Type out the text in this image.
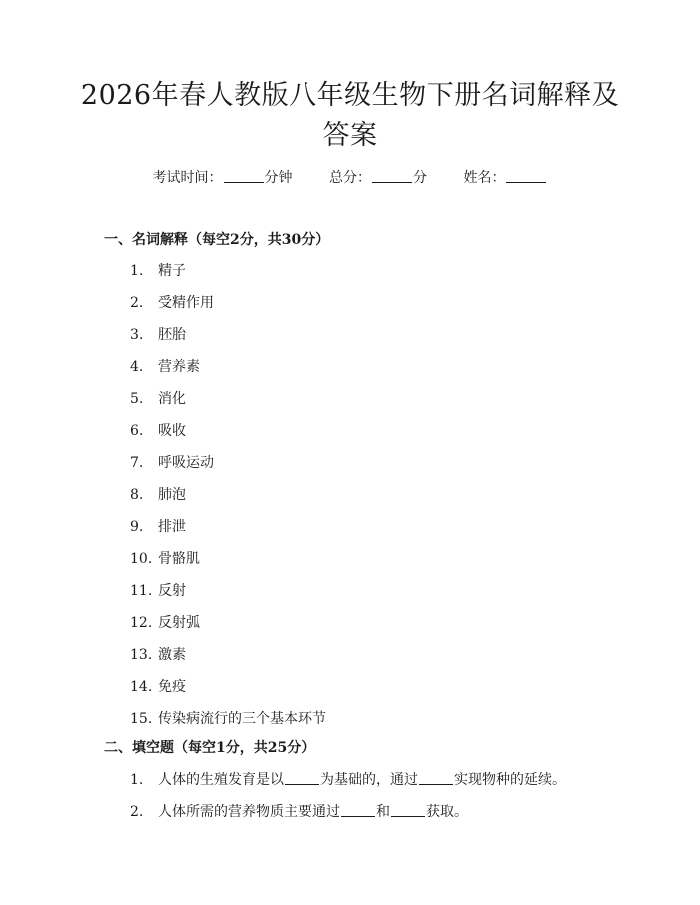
2026年春人教版八年级生物下册名词解释及
答案
考试时间：	分钟	总分：	分	姓名：
一、名词解释（每空2分，共30分）
1. 精子
2. 受精作用
3. 胚胎
4. 营养素
5. 消化
6. 吸收
7. 呼吸运动
8. 肺泡
9. 排泄
10. 骨骼肌
11. 反射
12. 反射弧
13. 激素
14. 免疫
15. 传染病流行的三个基本环节
二、填空题（每空1分，共25分）
1. 人体的生殖发育是以	为基础的，通过	实现物种的延续。
2. 人体所需的营养物质主要通过	和	获取。
